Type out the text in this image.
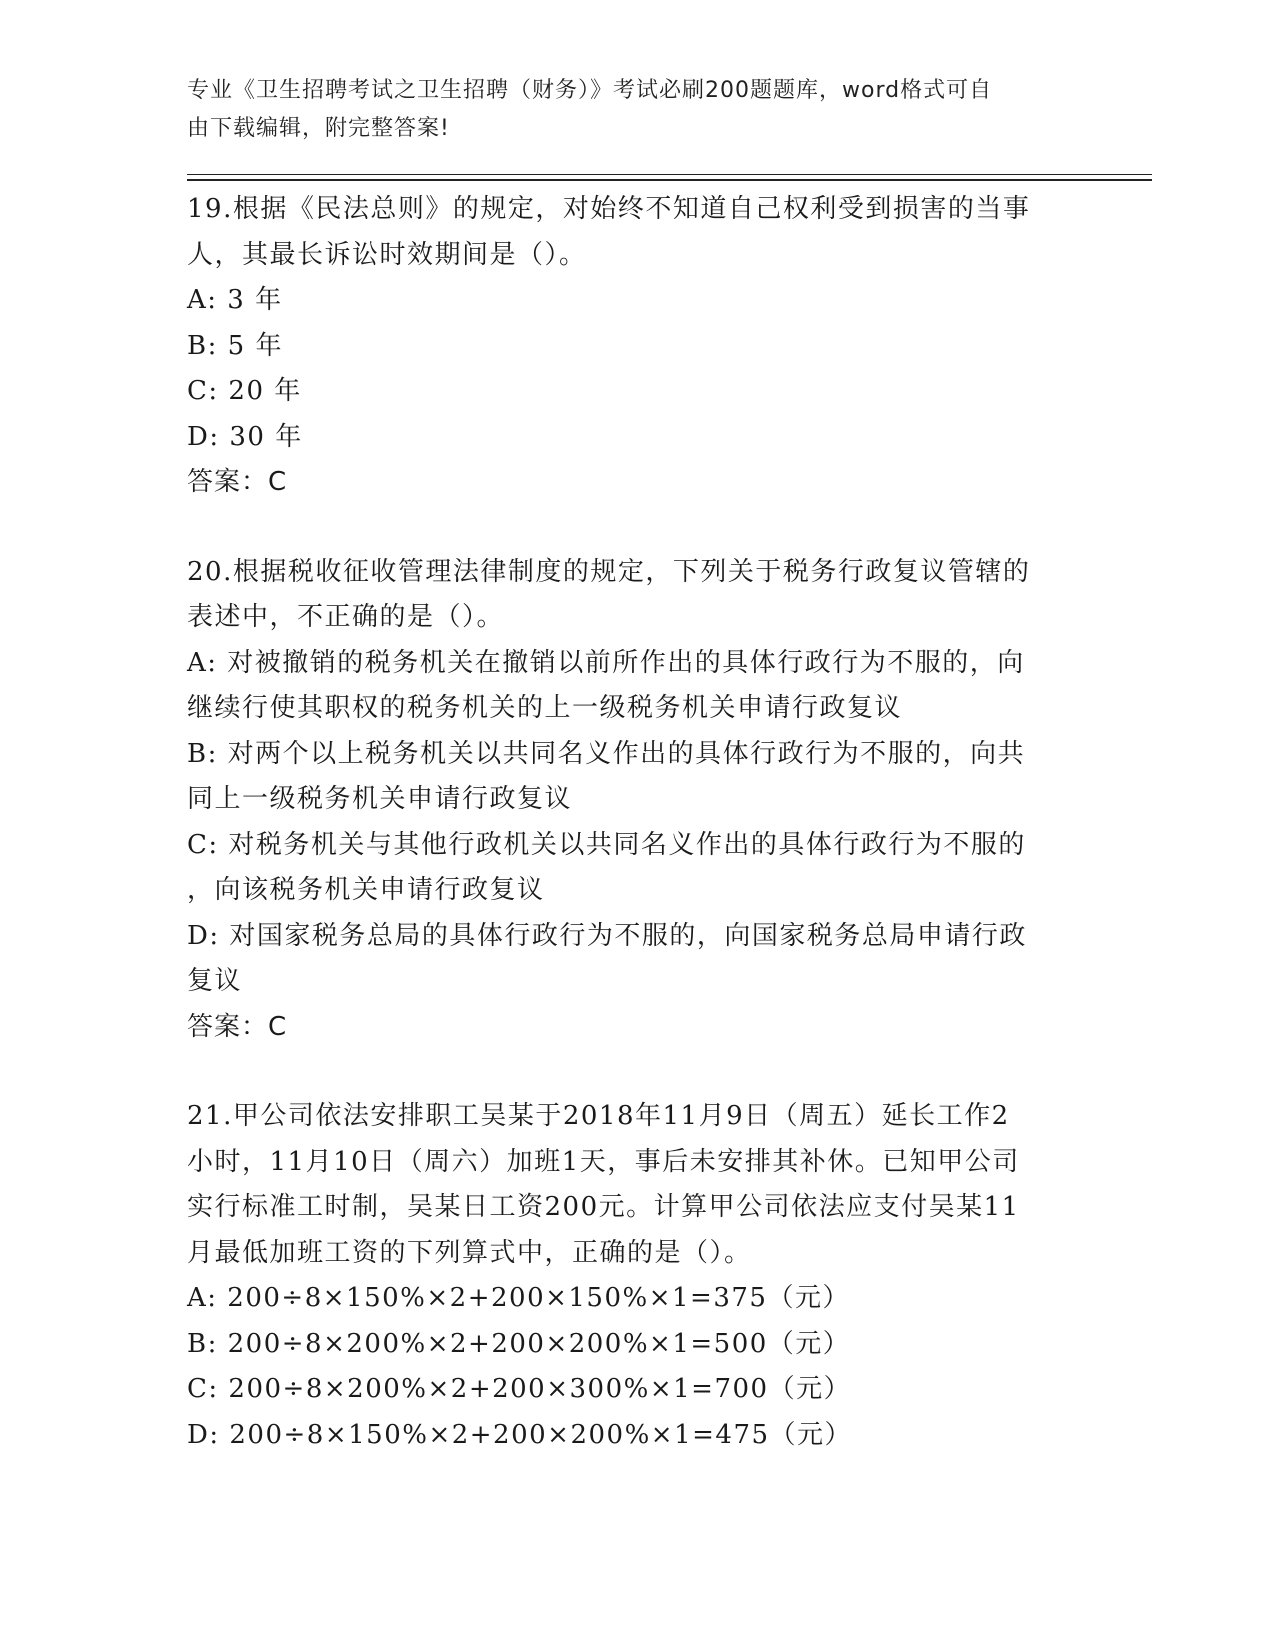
专业《卫生招聘考试之卫生招聘（财务）》考试必刷200题题库，word格式可自
由下载编辑，附完整答案!
19.根据《民法总则》的规定，对始终不知道自己权利受到损害的当事
人，其最长诉讼时效期间是（）。
A: 3 年
B: 5 年
C: 20 年
D: 30 年
答案：C
20.根据税收征收管理法律制度的规定，下列关于税务行政复议管辖的
表述中，不正确的是（）。
A: 对被撤销的税务机关在撤销以前所作出的具体行政行为不服的，向
继续行使其职权的税务机关的上一级税务机关申请行政复议
B: 对两个以上税务机关以共同名义作出的具体行政行为不服的，向共
同上一级税务机关申请行政复议
C: 对税务机关与其他行政机关以共同名义作出的具体行政行为不服的
，向该税务机关申请行政复议
D: 对国家税务总局的具体行政行为不服的，向国家税务总局申请行政
复议
答案：C
21.甲公司依法安排职工吴某于2018年11月9日（周五）延长工作2
小时，11月10日（周六）加班1天，事后未安排其补休。已知甲公司
实行标准工时制，吴某日工资200元。计算甲公司依法应支付吴某11
月最低加班工资的下列算式中，正确的是（）。
A: 200÷8×150%×2+200×150%×1=375（元）
B: 200÷8×200%×2+200×200%×1=500（元）
C: 200÷8×200%×2+200×300%×1=700（元）
D: 200÷8×150%×2+200×200%×1=475（元）
